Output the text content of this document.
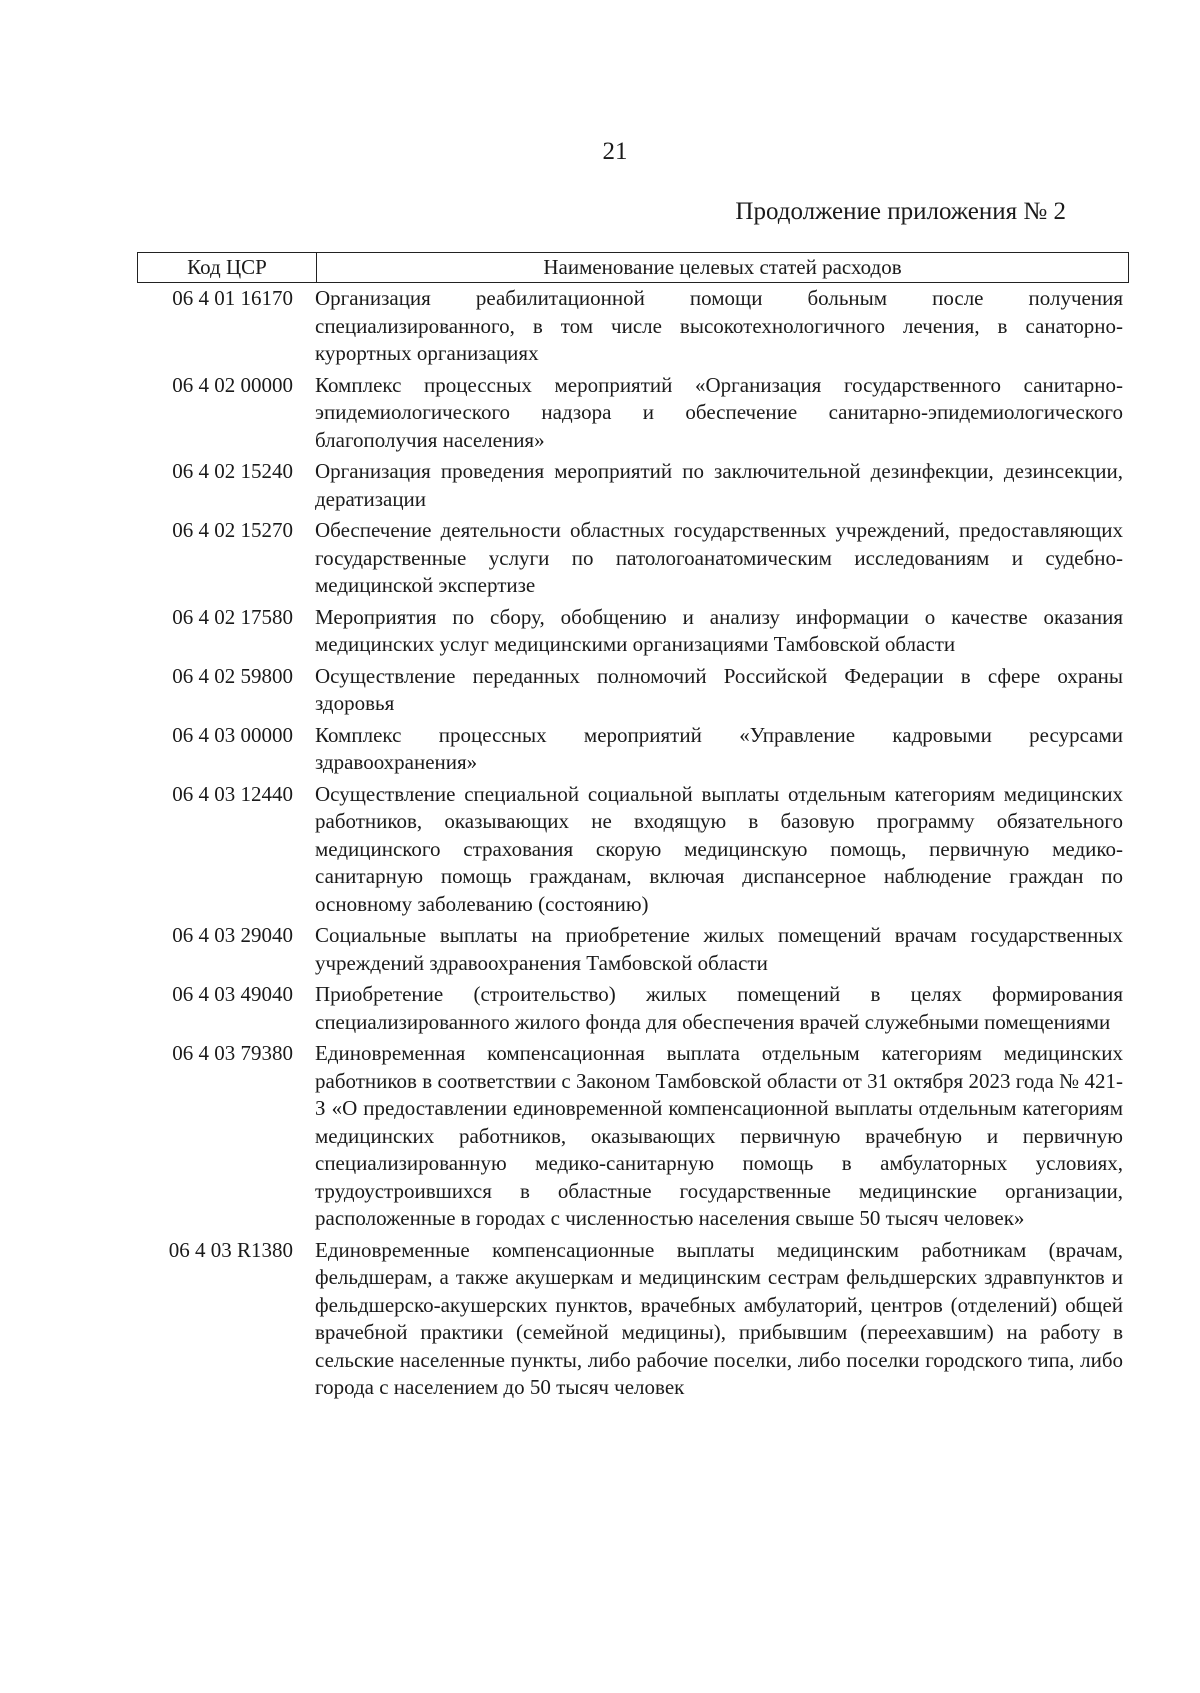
21
Продолжение приложения № 2
Код ЦСР	Наименование целевых статей расходов
06 4 01 16170	Организация реабилитационной помощи больным после получения специализированного, в том числе высокотехнологичного лечения, в санаторно-курортных организациях
06 4 02 00000	Комплекс процессных мероприятий «Организация государственного санитарно-эпидемиологического надзора и обеспечение санитарно-эпидемиологического благополучия населения»
06 4 02 15240	Организация проведения мероприятий по заключительной дезинфекции, дезинсекции, дератизации
06 4 02 15270	Обеспечение деятельности областных государственных учреждений, предоставляющих государственные услуги по патологоанатомическим исследованиям и судебно-медицинской экспертизе
06 4 02 17580	Мероприятия по сбору, обобщению и анализу информации о качестве оказания медицинских услуг медицинскими организациями Тамбовской области
06 4 02 59800	Осуществление переданных полномочий Российской Федерации в сфере охраны здоровья
06 4 03 00000	Комплекс процессных мероприятий «Управление кадровыми ресурсами здравоохранения»
06 4 03 12440	Осуществление специальной социальной выплаты отдельным категориям медицинских работников, оказывающих не входящую в базовую программу обязательного медицинского страхования скорую медицинскую помощь, первичную медико-санитарную помощь гражданам, включая диспансерное наблюдение граждан по основному заболеванию (состоянию)
06 4 03 29040	Социальные выплаты на приобретение жилых помещений врачам государственных учреждений здравоохранения Тамбовской области
06 4 03 49040	Приобретение (строительство) жилых помещений в целях формирования специализированного жилого фонда для обеспечения врачей служебными помещениями
06 4 03 79380	Единовременная компенсационная выплата отдельным категориям медицинских работников в соответствии с Законом Тамбовской области от 31 октября 2023 года № 421-З «О предоставлении единовременной компенсационной выплаты отдельным категориям медицинских работников, оказывающих первичную врачебную и первичную специализированную медико-санитарную помощь в амбулаторных условиях, трудоустроившихся в областные государственные медицинские организации, расположенные в городах с численностью населения свыше 50 тысяч человек»
06 4 03 R1380	Единовременные компенсационные выплаты медицинским работникам (врачам, фельдшерам, а также акушеркам и медицинским сестрам фельдшерских здравпунктов и фельдшерско-акушерских пунктов, врачебных амбулаторий, центров (отделений) общей врачебной практики (семейной медицины), прибывшим (переехавшим) на работу в сельские населенные пункты, либо рабочие поселки, либо поселки городского типа, либо города с населением до 50 тысяч человек
